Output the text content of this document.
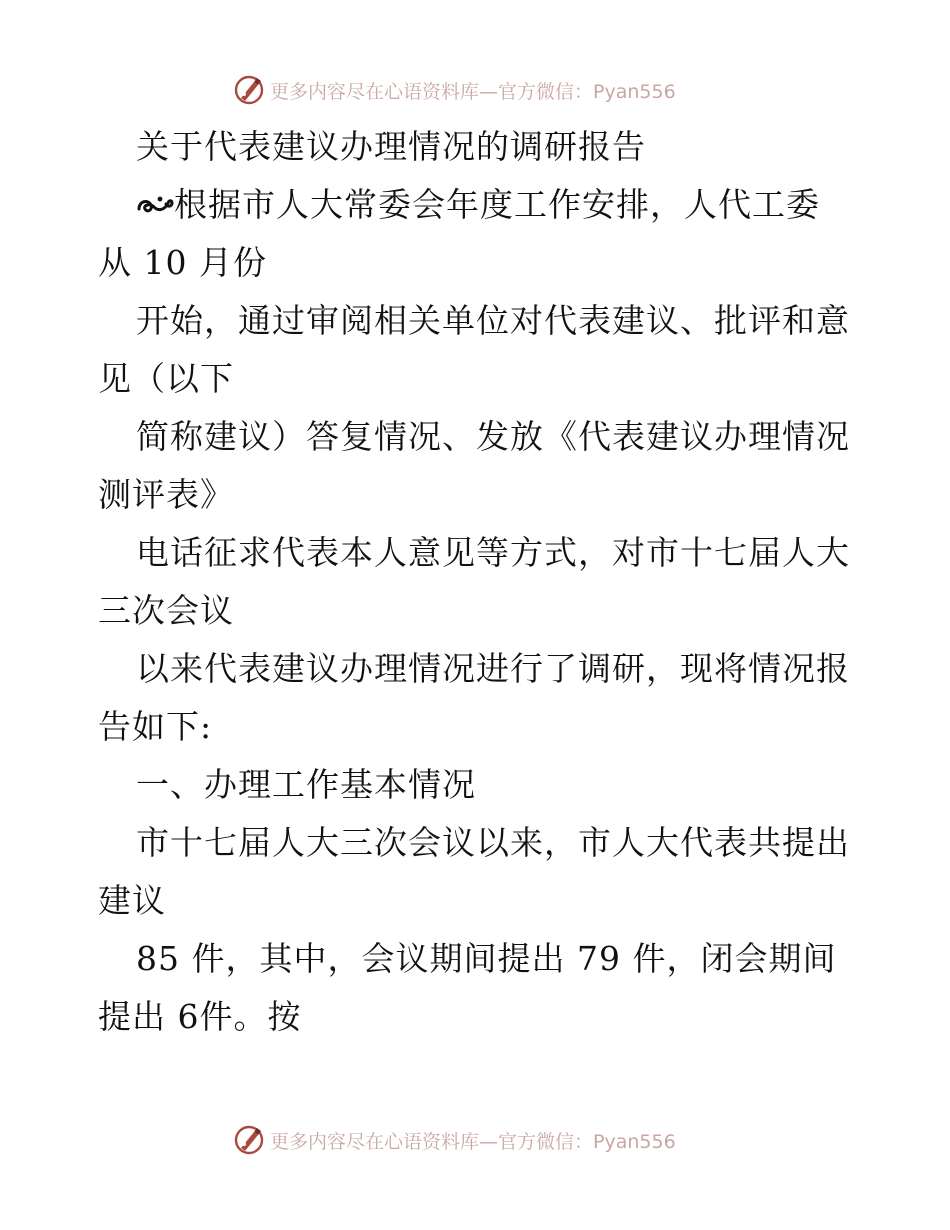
更多内容尽在心语资料库—官方微信：Pyan556
关于代表建议办理情况的调研报告
根据市人大常委会年度工作安排，人代工委
从 10 月份
开始，通过审阅相关单位对代表建议、批评和意
见（以下
简称建议）答复情况、发放《代表建议办理情况
测评表》
电话征求代表本人意见等方式，对市十七届人大
三次会议
以来代表建议办理情况进行了调研，现将情况报
告如下:
一、办理工作基本情况
市十七届人大三次会议以来，市人大代表共提出
建议
85 件，其中，会议期间提出 79 件，闭会期间
提出 6件。按
更多内容尽在心语资料库—官方微信：Pyan556
